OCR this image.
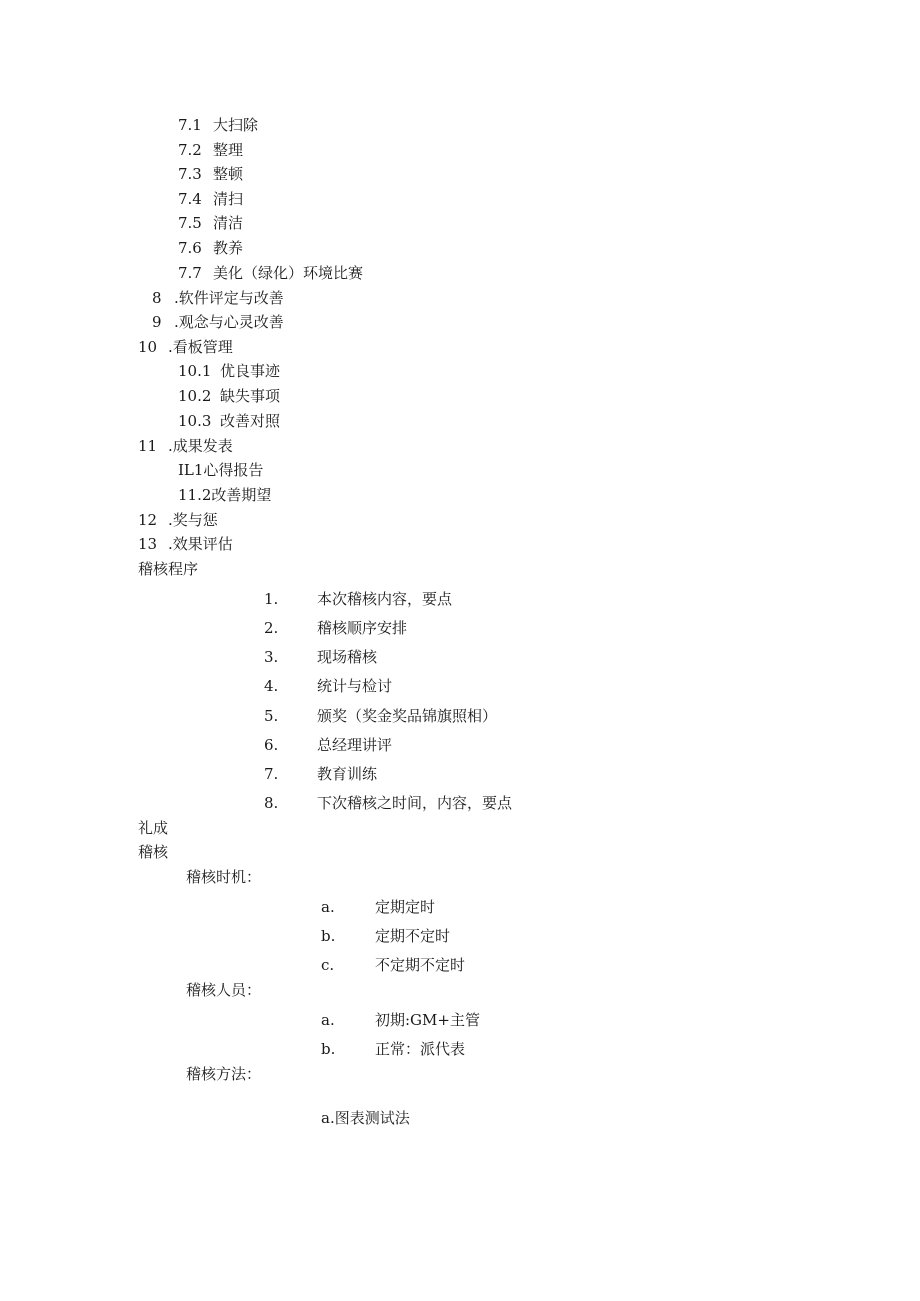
7.1 大扫除
7.2 整理
7.3 整顿
7.4 清扫
7.5 清洁
7.6 教养
7.7 美化（绿化）环境比赛
8 .软件评定与改善
9 .观念与心灵改善
10 .看板管理
10.1 优良事迹
10.2 缺失事项
10.3 改善对照
11 .成果发表
IL1心得报告
11.2改善期望
12 .奖与惩
13 .效果评估
稽核程序
1.	本次稽核内容，要点
2.	稽核顺序安排
3.	现场稽核
4.	统计与检讨
5.	颁奖（奖金奖品锦旗照相）
6.	总经理讲评
7.	教育训练
8.	下次稽核之时间，内容，要点
礼成
稽核
稽核时机：
a.	定期定时
b.	定期不定时
c.	不定期不定时
稽核人员：
a.	初期:GM+主管
b.	正常：派代表
稽核方法：
a.图表测试法
